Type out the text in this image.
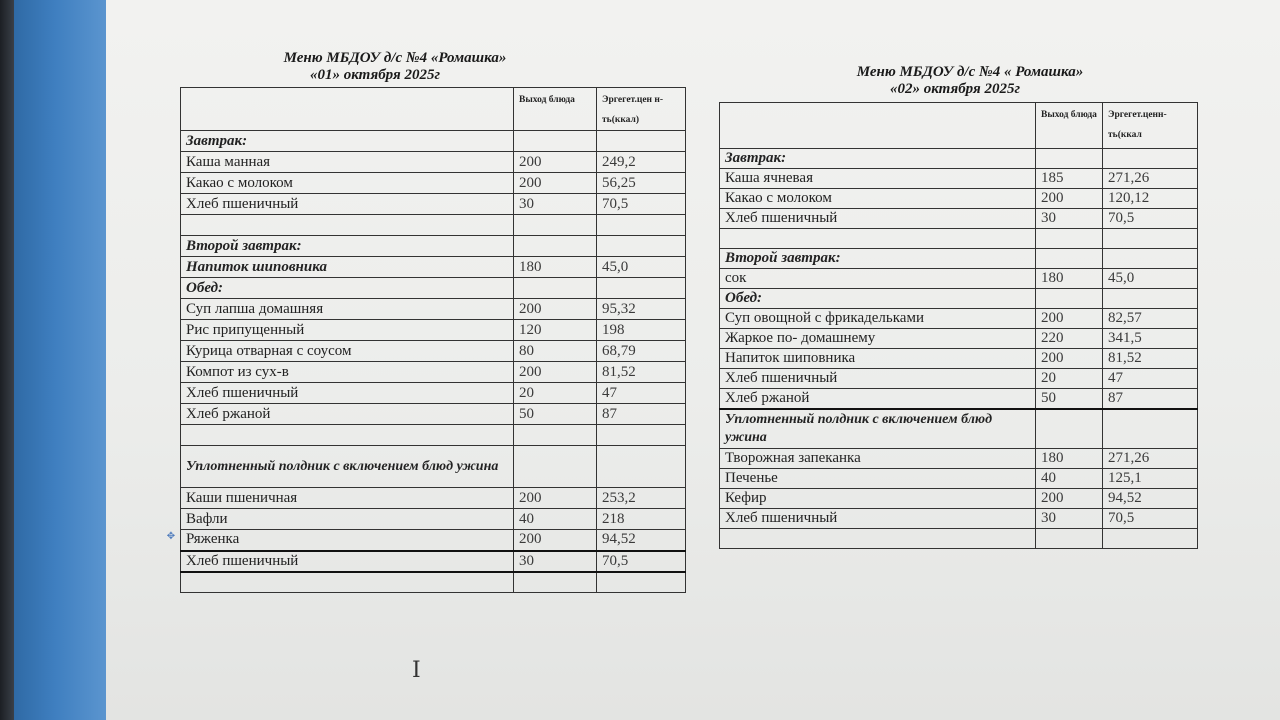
Меню МБДОУ д/с №4 «Ромашка»
«01» октября 2025г
✥
	Выход блюда	Эргегет.цен н-ть(ккал)
Завтрак:		
Каша манная	200	249,2
Какао с молоком	200	56,25
Хлеб пшеничный	30	70,5

Второй завтрак:		
Напиток шиповника	180	45,0
Обед:		
Суп лапша домашняя	200	95,32
Рис припущенный	120	198
Курица отварная с соусом	80	68,79
Компот из сух-в	200	81,52
Хлеб пшеничный	20	47
Хлеб ржаной	50	87

Уплотненный полдник с включением блюд ужина		
Каши пшеничная	200	253,2
Вафли	40	218
Ряженка	200	94,52
Хлеб пшеничный	30	70,5

Меню МБДОУ д/с №4 « Ромашка»
«02» октября 2025г
	Выход блюда	Эргегет.ценн-ть(ккал
Завтрак:		
Каша ячневая	185	271,26
Какао с молоком	200	120,12
Хлеб пшеничный	30	70,5

Второй завтрак:		
сок	180	45,0
Обед:		
Суп овощной с фрикадельками	200	82,57
Жаркое по- домашнему	220	341,5
Напиток шиповника	200	81,52
Хлеб пшеничный	20	47
Хлеб ржаной	50	87
Уплотненный полдник с включением блюд ужина		
Творожная запеканка	180	271,26
Печенье	40	125,1
Кефир	200	94,52
Хлеб пшеничный	30	70,5

I
